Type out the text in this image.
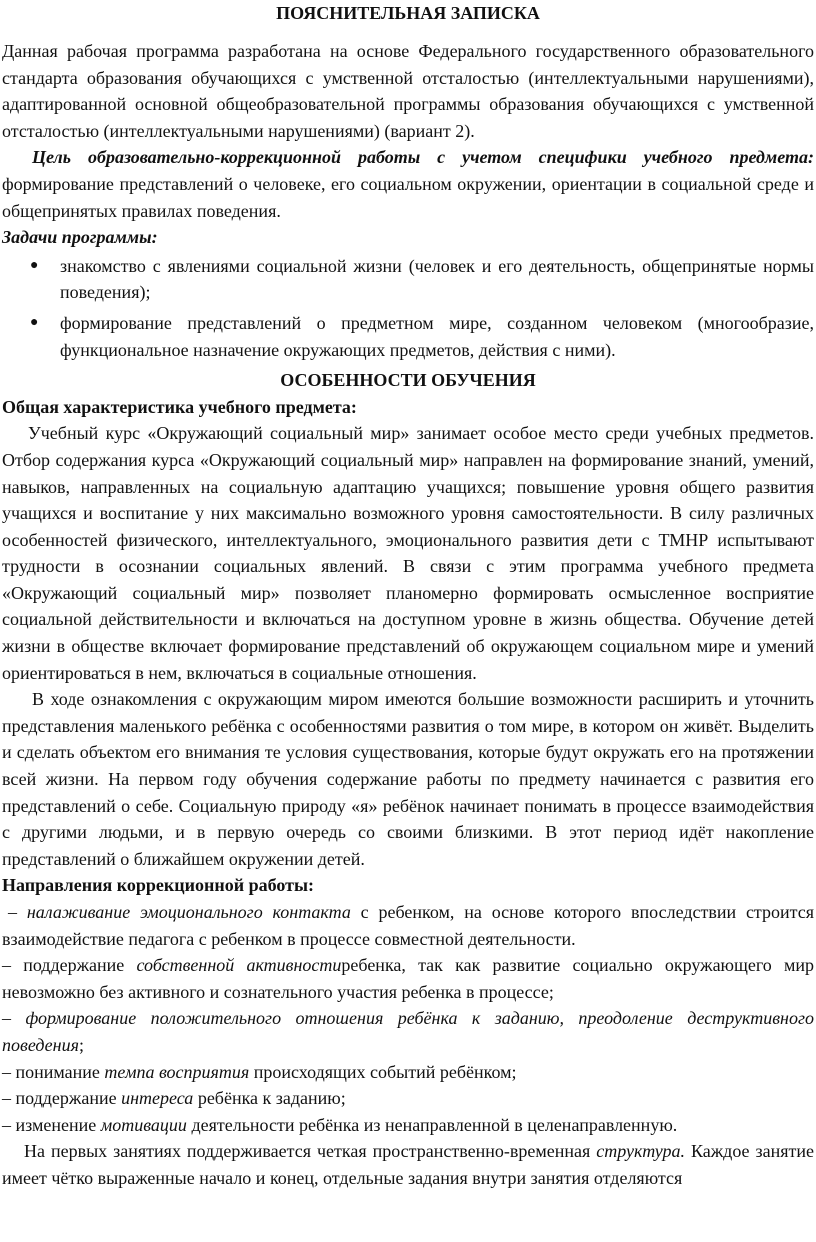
ПОЯСНИТЕЛЬНАЯ ЗАПИСКА

Данная рабочая программа разработана на основе Федерального государственного образовательного стандарта образования обучающихся с умственной отсталостью (интеллектуальными нарушениями), адаптированной основной общеобразовательной программы образования обучающихся с умственной отсталостью (интеллектуальными нарушениями) (вариант 2).

Цель образовательно-коррекционной работы с учетом специфики учебного предмета: формирование представлений о человеке, его социальном окружении, ориентации в социальной среде и общепринятых правилах поведения.

Задачи программы:

● знакомство с явлениями социальной жизни (человек и его деятельность, общепринятые нормы поведения);
● формирование представлений о предметном мире, созданном человеком (многообразие, функциональное назначение окружающих предметов, действия с ними).

ОСОБЕННОСТИ ОБУЧЕНИЯ

Общая характеристика учебного предмета:

Учебный курс «Окружающий социальный мир» занимает особое место среди учебных предметов. Отбор содержания курса «Окружающий социальный мир» направлен на формирование знаний, умений, навыков, направленных на социальную адаптацию учащихся; повышение уровня общего развития учащихся и воспитание у них максимально возможного уровня самостоятельности. В силу различных особенностей физического, интеллектуального, эмоционального развития дети с ТМНР испытывают трудности в осознании социальных явлений. В связи с этим программа учебного предмета «Окружающий социальный мир» позволяет планомерно формировать осмысленное восприятие социальной действительности и включаться на доступном уровне в жизнь общества. Обучение детей жизни в обществе включает формирование представлений об окружающем социальном мире и умений ориентироваться в нем, включаться в социальные отношения.

В ходе ознакомления с окружающим миром имеются большие возможности расширить и уточнить представления маленького ребёнка с особенностями развития о том мире, в котором он живёт. Выделить и сделать объектом его внимания те условия существования, которые будут окружать его на протяжении всей жизни. На первом году обучения содержание работы по предмету начинается с развития его представлений о себе. Социальную природу «я» ребёнок начинает понимать в процессе взаимодействия с другими людьми, и в первую очередь со своими близкими. В этот период идёт накопление представлений о ближайшем окружении детей.

Направления коррекционной работы:

– налаживание эмоционального контакта с ребенком, на основе которого впоследствии строится взаимодействие педагога с ребенком в процессе совместной деятельности.

– поддержание собственной активностиребенка, так как развитие социально окружающего мир невозможно без активного и сознательного участия ребенка в процессе;

– формирование положительного отношения ребёнка к заданию, преодоление деструктивного поведения;

– понимание темпа восприятия происходящих событий ребёнком;

– поддержание интереса ребёнка к заданию;

– изменение мотивации деятельности ребёнка из ненаправленной в целенаправленную.

На первых занятиях поддерживается четкая пространственно-временная структура. Каждое занятие имеет чётко выраженные начало и конец, отдельные задания внутри занятия отделяются
